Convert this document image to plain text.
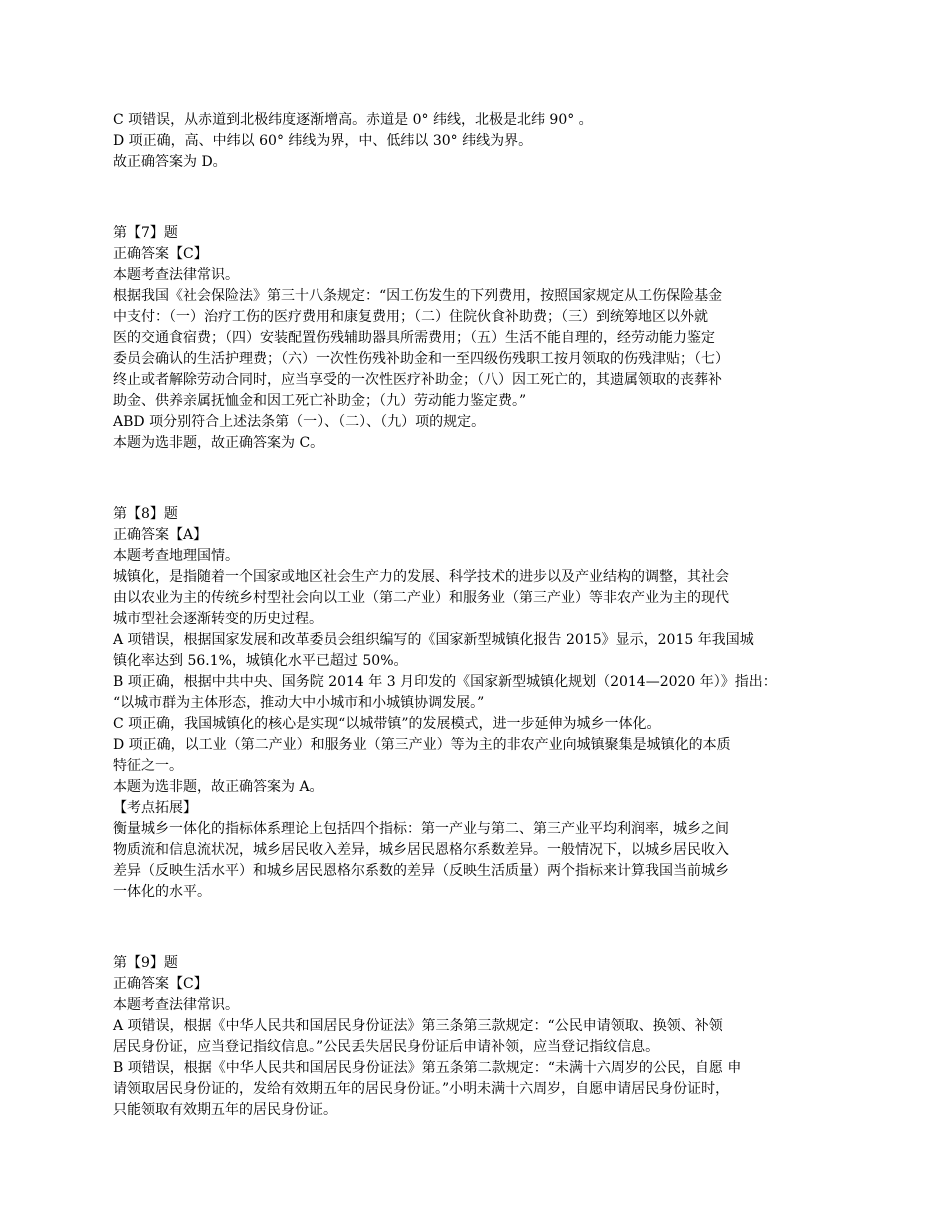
C 项错误，从赤道到北极纬度逐渐增高。赤道是 0° 纬线，北极是北纬 90° 。
D 项正确，高、中纬以 60° 纬线为界，中、低纬以 30° 纬线为界。
故正确答案为 D。
第【7】题
正确答案【C】
本题考查法律常识。
根据我国《社会保险法》第三十八条规定：“因工伤发生的下列费用，按照国家规定从工伤保险基金
中支付：（一）治疗工伤的医疗费用和康复费用；（二）住院伙食补助费；（三）到统筹地区以外就
医的交通食宿费；（四）安装配置伤残辅助器具所需费用；（五）生活不能自理的，经劳动能力鉴定
委员会确认的生活护理费；（六）一次性伤残补助金和一至四级伤残职工按月领取的伤残津贴；（七）
终止或者解除劳动合同时，应当享受的一次性医疗补助金；（八）因工死亡的，其遗属领取的丧葬补
助金、供养亲属抚恤金和因工死亡补助金；（九）劳动能力鉴定费。”
ABD 项分别符合上述法条第（一）、（二）、（九）项的规定。
本题为选非题，故正确答案为 C。
第【8】题
正确答案【A】
本题考查地理国情。
城镇化，是指随着一个国家或地区社会生产力的发展、科学技术的进步以及产业结构的调整，其社会
由以农业为主的传统乡村型社会向以工业（第二产业）和服务业（第三产业）等非农产业为主的现代
城市型社会逐渐转变的历史过程。
A 项错误，根据国家发展和改革委员会组织编写的《国家新型城镇化报告 2015》显示，2015 年我国城
镇化率达到 56.1%，城镇化水平已超过 50%。
B 项正确，根据中共中央、国务院 2014 年 3 月印发的《国家新型城镇化规划（2014—2020 年）》指出：
“以城市群为主体形态，推动大中小城市和小城镇协调发展。”
C 项正确，我国城镇化的核心是实现“以城带镇”的发展模式，进一步延伸为城乡一体化。
D 项正确，以工业（第二产业）和服务业（第三产业）等为主的非农产业向城镇聚集是城镇化的本质
特征之一。
本题为选非题，故正确答案为 A。
【考点拓展】
衡量城乡一体化的指标体系理论上包括四个指标：第一产业与第二、第三产业平均利润率，城乡之间
物质流和信息流状况，城乡居民收入差异，城乡居民恩格尔系数差异。一般情况下，以城乡居民收入
差异（反映生活水平）和城乡居民恩格尔系数的差异（反映生活质量）两个指标来计算我国当前城乡
一体化的水平。
第【9】题
正确答案【C】
本题考查法律常识。
A 项错误，根据《中华人民共和国居民身份证法》第三条第三款规定：“公民申请领取、换领、补领
居民身份证，应当登记指纹信息。”公民丢失居民身份证后申请补领，应当登记指纹信息。
B 项错误，根据《中华人民共和国居民身份证法》第五条第二款规定：“未满十六周岁的公民，自愿 申
请领取居民身份证的，发给有效期五年的居民身份证。”小明未满十六周岁，自愿申请居民身份证时，
只能领取有效期五年的居民身份证。
